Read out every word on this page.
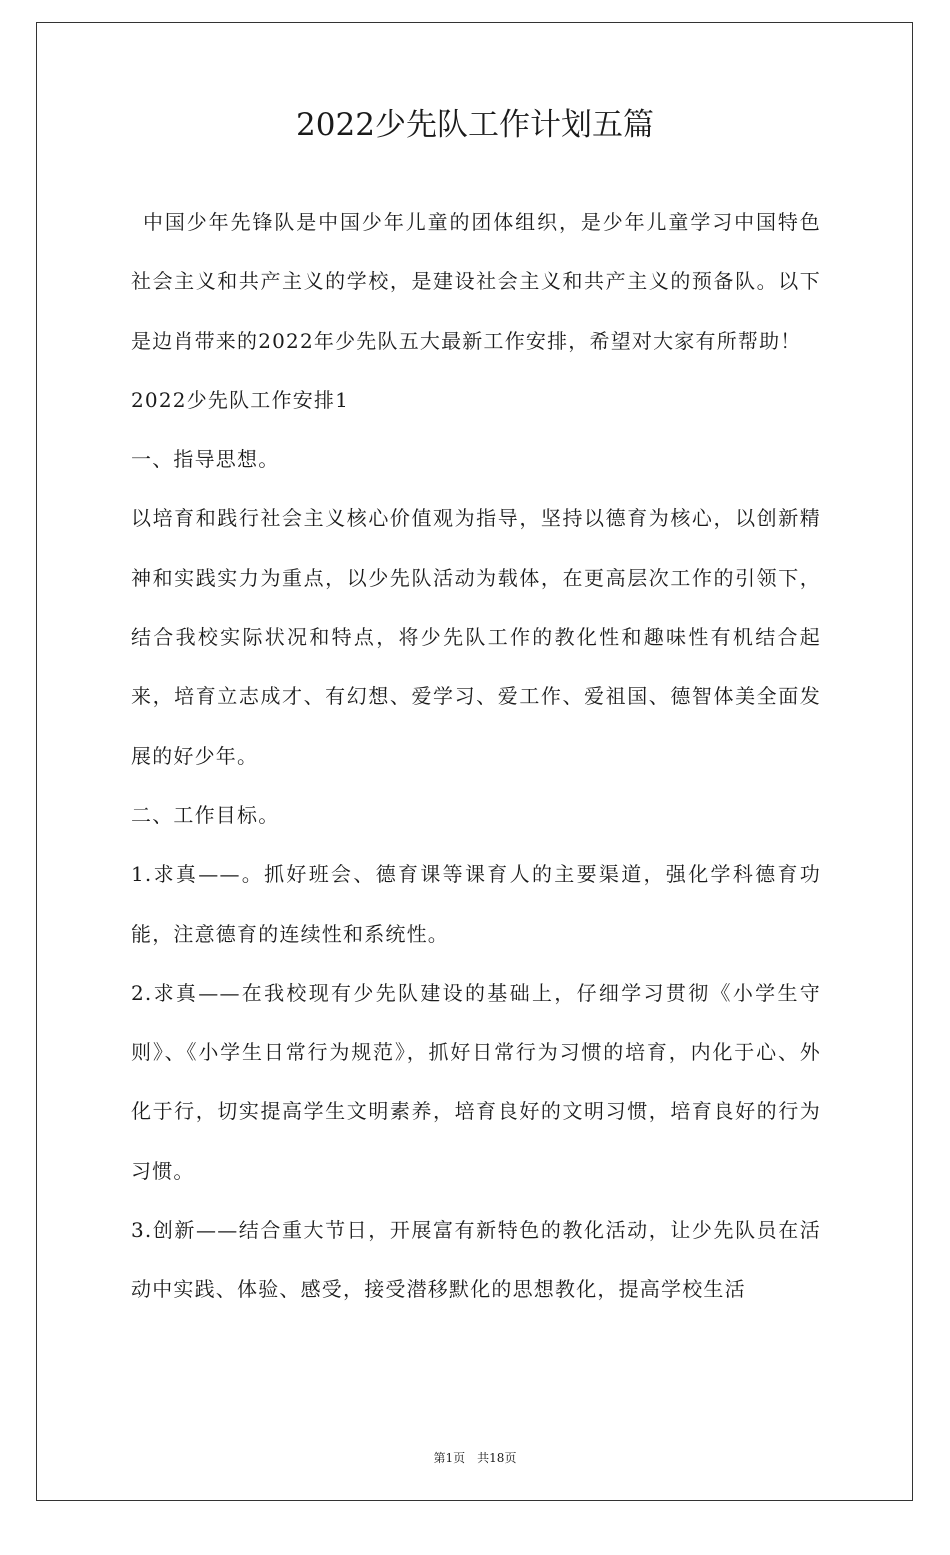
2022少先队工作计划五篇

中国少年先锋队是中国少年儿童的团体组织，是少年儿童学习中国特色社会主义和共产主义的学校，是建设社会主义和共产主义的预备队。以下是边肖带来的2022年少先队五大最新工作安排，希望对大家有所帮助！

2022少先队工作安排1

一、指导思想。

以培育和践行社会主义核心价值观为指导，坚持以德育为核心，以创新精神和实践实力为重点，以少先队活动为载体，在更高层次工作的引领下，结合我校实际状况和特点，将少先队工作的教化性和趣味性有机结合起来，培育立志成才、有幻想、爱学习、爱工作、爱祖国、德智体美全面发展的好少年。

二、工作目标。

1.求真——。抓好班会、德育课等课育人的主要渠道，强化学科德育功能，注意德育的连续性和系统性。

2.求真——在我校现有少先队建设的基础上，仔细学习贯彻《小学生守则》、《小学生日常行为规范》，抓好日常行为习惯的培育，内化于心、外化于行，切实提高学生文明素养，培育良好的文明习惯，培育良好的行为习惯。

3.创新——结合重大节日，开展富有新特色的教化活动，让少先队员在活动中实践、体验、感受，接受潜移默化的思想教化，提高学校生活

第1页 共18页
